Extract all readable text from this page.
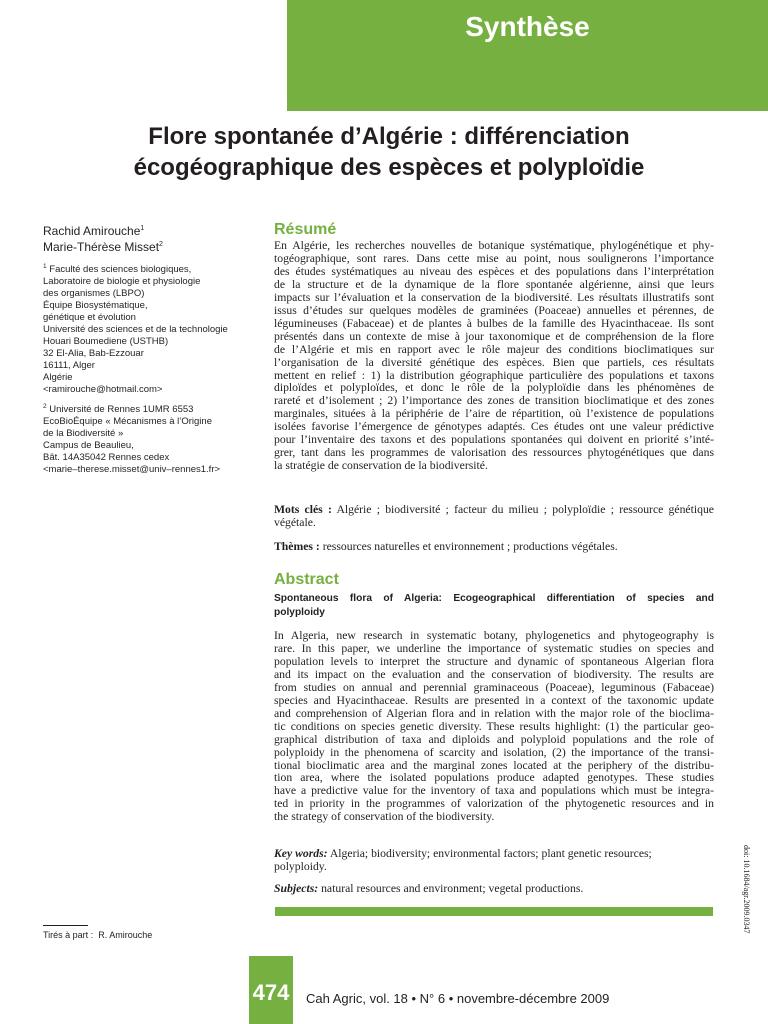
Synthèse
Flore spontanée d’Algérie : différenciation
écogéographique des espèces et polyploïdie
Rachid Amirouche$^1$
Marie-Thérèse Misset$^2$
$^1$ Faculté des sciences biologiques,
Laboratoire de biologie et physiologie
des organismes (LBPO)
Équipe Biosystématique,
génétique et évolution
Université des sciences et de la technologie
Houari Boumediene (USTHB)
32 El-Alia, Bab-Ezzouar
16111, Alger
Algérie
<ramirouche@hotmail.com>
$^2$ Université de Rennes 1UMR 6553
EcoBioÉquipe « Mécanismes à l’Origine
de la Biodiversité »
Campus de Beaulieu,
Bât. 14A35042 Rennes cedex
<marie–therese.misset@univ–rennes1.fr>
Résumé
En Algérie, les recherches nouvelles de botanique systématique, phylogénétique et phy-
togéographique, sont rares. Dans cette mise au point, nous soulignerons l’importance
des études systématiques au niveau des espèces et des populations dans l’interprétation
de la structure et de la dynamique de la flore spontanée algérienne, ainsi que leurs
impacts sur l’évaluation et la conservation de la biodiversité. Les résultats illustratifs sont
issus d’études sur quelques modèles de graminées (Poaceae) annuelles et pérennes, de
légumineuses (Fabaceae) et de plantes à bulbes de la famille des Hyacinthaceae. Ils sont
présentés dans un contexte de mise à jour taxonomique et de compréhension de la flore
de l’Algérie et mis en rapport avec le rôle majeur des conditions bioclimatiques sur
l’organisation de la diversité génétique des espèces. Bien que partiels, ces résultats
mettent en relief : 1) la distribution géographique particulière des populations et taxons
diploïdes et polyploïdes, et donc le rôle de la polyploïdie dans les phénomènes de
rareté et d’isolement ; 2) l’importance des zones de transition bioclimatique et des zones
marginales, situées à la périphérie de l’aire de répartition, où l’existence de populations
isolées favorise l’émergence de génotypes adaptés. Ces études ont une valeur prédictive
pour l’inventaire des taxons et des populations spontanées qui doivent en priorité s’inté-
grer, tant dans les programmes de valorisation des ressources phytogénétiques que dans
la stratégie de conservation de la biodiversité.
Mots clés : Algérie ; biodiversité ; facteur du milieu ; polyploïdie ; ressource génétique
végétale.
Thèmes : ressources naturelles et environnement ; productions végétales.
Abstract
Spontaneous flora of Algeria: Ecogeographical differentiation of species and
polyploidy
In Algeria, new research in systematic botany, phylogenetics and phytogeography is
rare. In this paper, we underline the importance of systematic studies on species and
population levels to interpret the structure and dynamic of spontaneous Algerian flora
and its impact on the evaluation and the conservation of biodiversity. The results are
from studies on annual and perennial graminaceous (Poaceae), leguminous (Fabaceae)
species and Hyacinthaceae. Results are presented in a context of the taxonomic update
and comprehension of Algerian flora and in relation with the major role of the bioclima-
tic conditions on species genetic diversity. These results highlight: (1) the particular geo-
graphical distribution of taxa and diploids and polyploid populations and the role of
polyploidy in the phenomena of scarcity and isolation, (2) the importance of the transi-
tional bioclimatic area and the marginal zones located at the periphery of the distribu-
tion area, where the isolated populations produce adapted genotypes. These studies
have a predictive value for the inventory of taxa and populations which must be integra-
ted in priority in the programmes of valorization of the phytogenetic resources and in
the strategy of conservation of the biodiversity.
Key words: Algeria; biodiversity; environmental factors; plant genetic resources;
polyploidy.
Subjects: natural resources and environment; vegetal productions.
Tirés à part : R. Amirouche
474 Cah Agric, vol. 18 • N° 6 • novembre-décembre 2009
doi: 10.1684/agr.2009.0347
